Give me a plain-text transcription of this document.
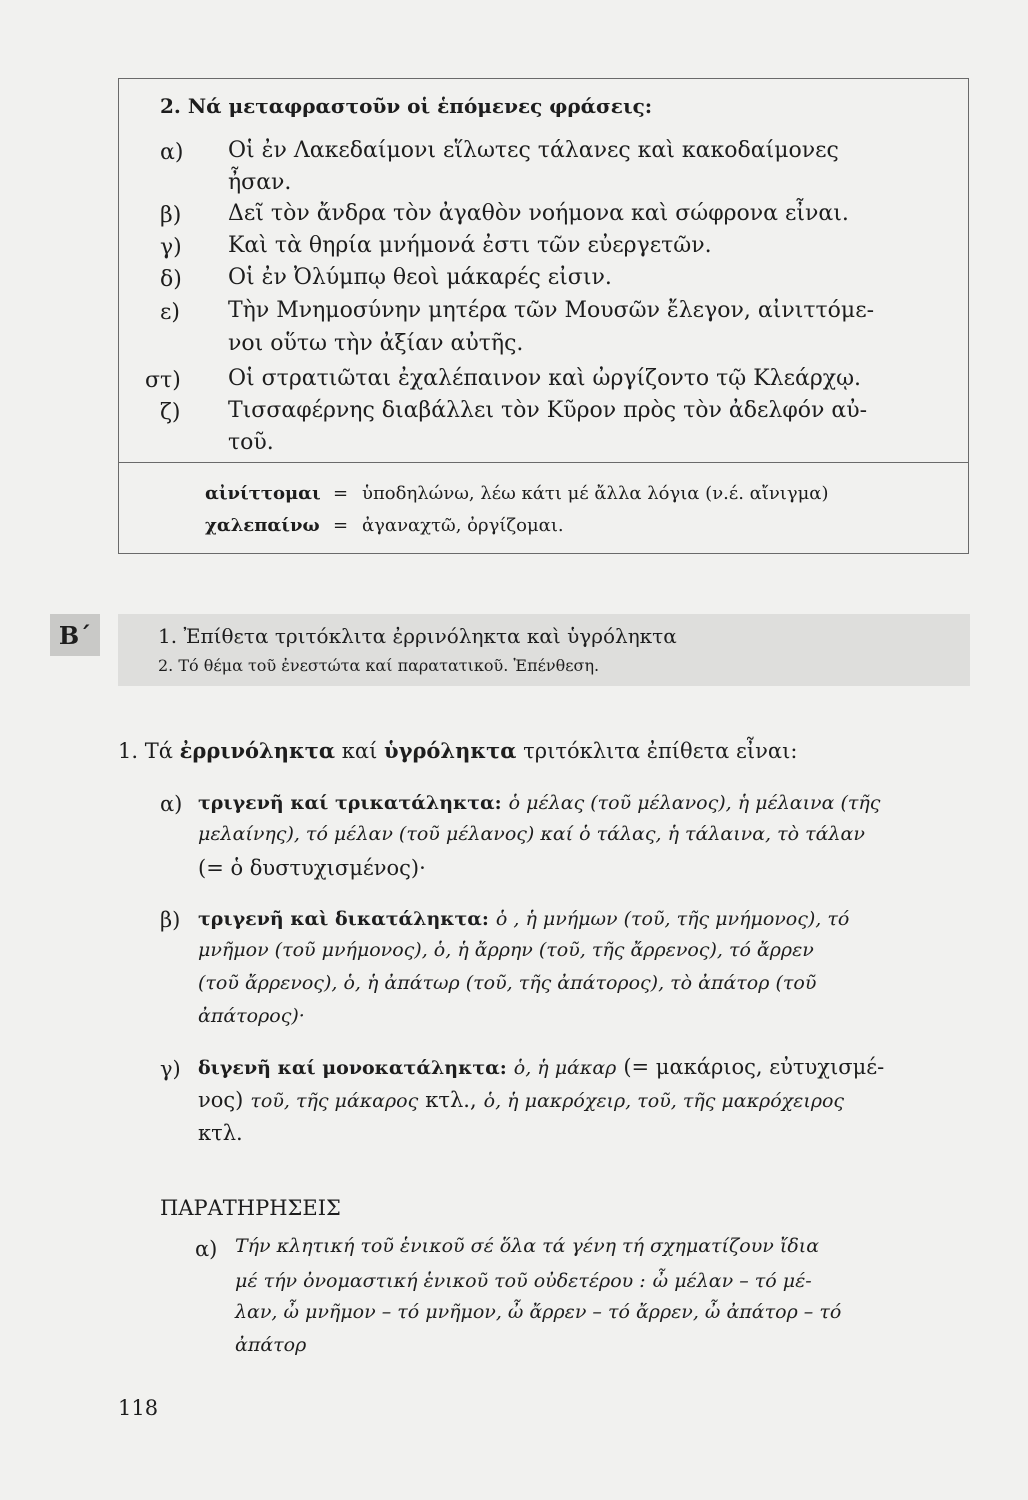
2. Νά μεταφραστοῦν οἱ ἑπόμενες φράσεις:
α) Οἱ ἐν Λακεδαίμονι εἵλωτες τάλανες καὶ κακοδαίμονες
ἦσαν.
β) Δεῖ τὸν ἄνδρα τὸν ἀγαθὸν νοήμονα καὶ σώφρονα εἶναι.
γ) Καὶ τὰ θηρία μνήμονά ἐστι τῶν εὐεργετῶν.
δ) Οἱ ἐν Ὀλύμπῳ θεοὶ μάκαρές εἰσιν.
ε) Τὴν Μνημοσύνην μητέρα τῶν Μουσῶν ἔλεγον, αἰνιττόμε-
νοι οὕτω τὴν ἀξίαν αὐτῆς.
στ) Οἱ στρατιῶται ἐχαλέπαινον καὶ ὠργίζοντο τῷ Κλεάρχῳ.
ζ) Τισσαφέρνης διαβάλλει τὸν Κῦρον πρὸς τὸν ἀδελφόν αὐ-
τοῦ.
αἰνίττομαι = ὑποδηλώνω, λέω κάτι μέ ἄλλα λόγια (ν.έ. αἴνιγμα)
χαλεπαίνω = ἀγαναχτῶ, ὀργίζομαι.
Β΄	1. Ἐπίθετα τριτόκλιτα ἐρρινόληκτα καὶ ὑγρόληκτα
2. Τό θέμα τοῦ ἐνεστώτα καί παρατατικοῦ. Ἐπένθεση.
1. Τά ἐρρινόληκτα καί ὑγρόληκτα τριτόκλιτα ἐπίθετα εἶναι:
α) τριγενῆ καί τρικατάληκτα: ὁ μέλας (τοῦ μέλανος), ἡ μέλαινα (τῆς
μελαίνης), τό μέλαν (τοῦ μέλανος) καί ὁ τάλας, ἡ τάλαινα, τὸ τάλαν
(= ὁ δυστυχισμένος)·
β) τριγενῆ καὶ δικατάληκτα: ὁ , ἡ μνήμων (τοῦ, τῆς μνήμονος), τό
μνῆμον (τοῦ μνήμονος), ὁ, ἡ ἄρρην (τοῦ, τῆς ἄρρενος), τό ἄρρεν
(τοῦ ἄρρενος), ὁ, ἡ ἀπάτωρ (τοῦ, τῆς ἀπάτορος), τὸ ἀπάτορ (τοῦ
ἀπάτορος)·
γ) διγενῆ καί μονοκατάληκτα: ὁ, ἡ μάκαρ (= μακάριος, εὐτυχισμέ-
νος) τοῦ, τῆς μάκαρος κτλ., ὁ, ἡ μακρόχειρ, τοῦ, τῆς μακρόχειρος
κτλ.
ΠΑΡΑΤΗΡΗΣΕΙΣ
α) Τήν κλητική τοῦ ἑνικοῦ σέ ὅλα τά γένη τή σχηματίζουν ἴδια
μέ τήν ὀνομαστική ἑνικοῦ τοῦ οὐδετέρου : ὦ μέλαν – τό μέ-
λαν, ὦ μνῆμον – τό μνῆμον, ὦ ἄρρεν – τό ἄρρεν, ὦ ἀπάτορ – τό
ἀπάτορ
118
